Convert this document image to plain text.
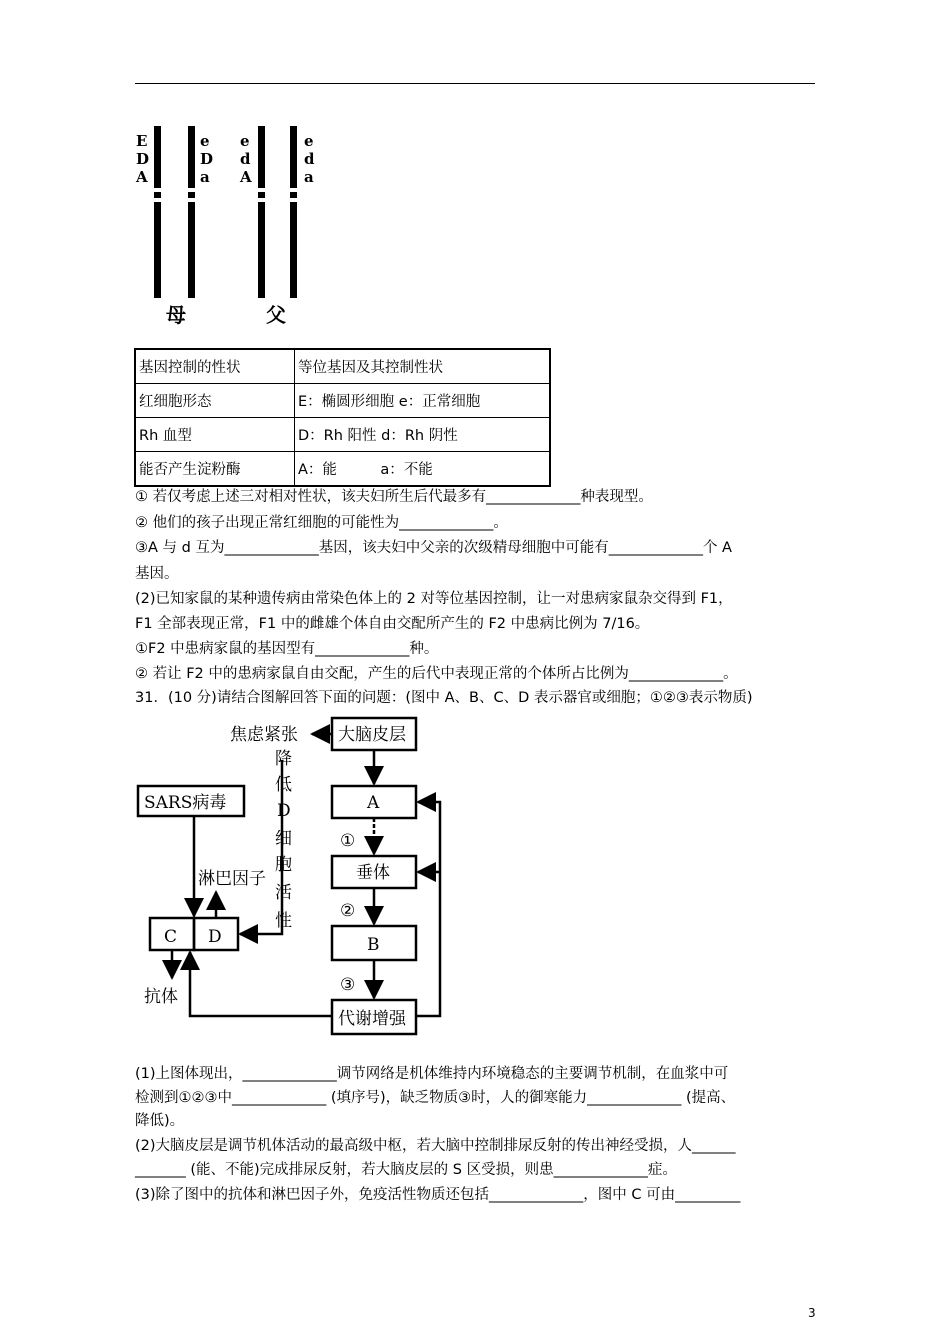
E
D
A
e
D
a
e
d
A
e
d
a
母	父
基因控制的性状	等位基因及其控制性状
红细胞形态	E：椭圆形细胞 e：正常细胞
Rh 血型	D：Rh 阳性 d：Rh 阴性
能否产生淀粉酶	A：能　　　a：不能
① 若仅考虑上述三对相对性状，该夫妇所生后代最多有_____________种表现型。
② 他们的孩子出现正常红细胞的可能性为_____________。
③A 与 d 互为_____________基因，该夫妇中父亲的次级精母细胞中可能有_____________个 A
基因。
(2)已知家鼠的某种遗传病由常染色体上的 2 对等位基因控制，让一对患病家鼠杂交得到 F1，
F1 全部表现正常，F1 中的雌雄个体自由交配所产生的 F2 中患病比例为 7/16。
①F2 中患病家鼠的基因型有_____________种。
② 若让 F2 中的患病家鼠自由交配，产生的后代中表现正常的个体所占比例为_____________。
31．(10 分)请结合图解回答下面的问题：(图中 A、B、C、D 表示器官或细胞；①②③表示物质)
大脑皮层
焦虑紧张
降
低
D
细
胞
活
性
SARS病毒
淋巴因子
A
垂体
B
C D
抗体
代谢增强
①
②
③
(1)上图体现出，_____________调节网络是机体维持内环境稳态的主要调节机制，在血浆中可
检测到①②③中_____________ (填序号)，缺乏物质③时，人的御寒能力_____________ (提高、
降低)。
(2)大脑皮层是调节机体活动的最高级中枢，若大脑中控制排尿反射的传出神经受损，人______
_______ (能、不能)完成排尿反射，若大脑皮层的 S 区受损，则患_____________症。
(3)除了图中的抗体和淋巴因子外，免疫活性物质还包括_____________，图中 C 可由_________
3
